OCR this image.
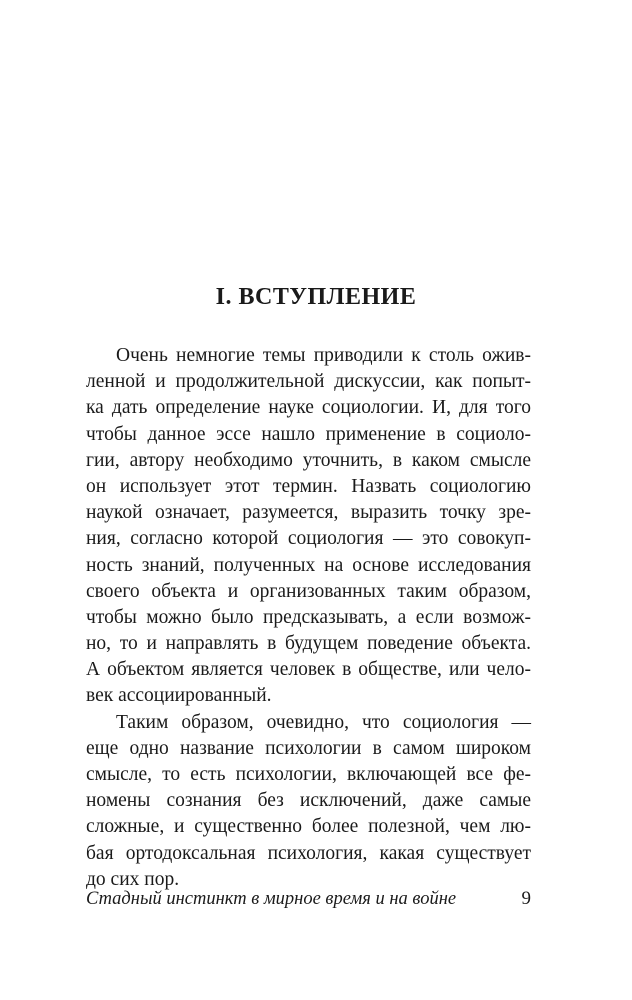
I. ВСТУПЛЕНИЕ
Очень немногие темы приводили к столь ожив-
ленной и продолжительной дискуссии, как попыт-
ка дать определение науке социологии. И, для того
чтобы данное эссе нашло применение в социоло-
гии, автору необходимо уточнить, в каком смысле
он использует этот термин. Назвать социологию
наукой означает, разумеется, выразить точку зре-
ния, согласно которой социология — это совокуп-
ность знаний, полученных на основе исследования
своего объекта и организованных таким образом,
чтобы можно было предсказывать, а если возмож-
но, то и направлять в будущем поведение объекта.
А объектом является человек в обществе, или чело-
век ассоциированный.
Таким образом, очевидно, что социология —
еще одно название психологии в самом широком
смысле, то есть психологии, включающей все фе-
номены сознания без исключений, даже самые
сложные, и существенно более полезной, чем лю-
бая ортодоксальная психология, какая существует
до сих пор.
Стадный инстинкт в мирное время и на войне	9
